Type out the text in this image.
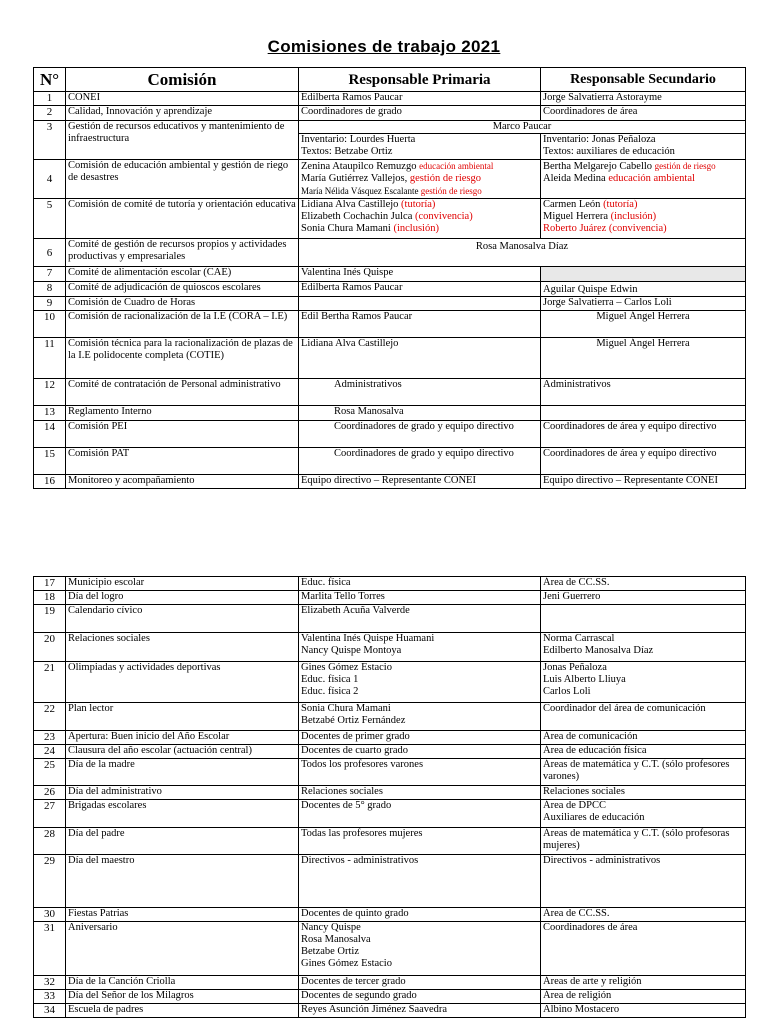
Comisiones de trabajo 2021
N°	Comisión	Responsable Primaria	Responsable Secundario
1	CONEI	Edilberta Ramos Paucar	Jorge Salvatierra Astorayme
2	Calidad, Innovación y aprendizaje	Coordinadores de grado	Coordinadores de área
3	Gestión de recursos educativos y mantenimiento de infraestructura	Marco Paucar	

		Inventario: Lourdes Huerta
Textos: Betzabe Ortiz	Inventario: Jonas Peñaloza
Textos: auxiliares de educación

4	Comisión de educación ambiental y gestión de riego de desastres	Zenina Ataupilco Remuzgo educación ambiental
María Gutiérrez Vallejos, gestión de riesgo
María Nélida Vásquez Escalante gestión de riesgo	Bertha Melgarejo Cabello gestión de riesgo
Aleida Medina educación ambiental

5	Comisión de comité de tutoría y orientación educativa	Lidiana Alva Castillejo (tutoría)
Elizabeth Cochachin Julca (convivencia)
Sonia Chura Mamani (inclusión)	Carmen León (tutoría)
Miguel Herrera (inclusión)
Roberto Juárez (convivencia)

6	Comité de gestión de recursos propios y actividades productivas y empresariales	Rosa Manosalva Díaz	
7	Comité de alimentación escolar (CAE)	Valentina Inés Quispe	
8	Comité de adjudicación de quioscos escolares	Edilberta Ramos Paucar	Aguilar Quispe Edwin
9	Comisión de Cuadro de Horas		Jorge Salvatierra – Carlos Loli
10	Comisión de racionalización de la I.E (CORA – I.E)	Edil Bertha Ramos Paucar	Miguel Ángel Herrera
11	Comisión técnica para la racionalización de plazas de la I.E polidocente completa (COTIE)	Lidiana Alva Castillejo	Miguel Ángel Herrera
12	Comité de contratación de Personal administrativo	Administrativos	Administrativos
13	Reglamento Interno	Rosa Manosalva	
14	Comisión PEI	Coordinadores de grado y equipo directivo	Coordinadores de área y equipo directivo
15	Comisión PAT	Coordinadores de grado y equipo directivo	Coordinadores de área y equipo directivo
16	Monitoreo y acompañamiento	Equipo directivo – Representante CONEI	Equipo directivo – Representante CONEI
17	Municipio escolar	Educ. física	Área de CC.SS.
18	Día del logro	Marlita Tello Torres	Jeni Guerrero
19	Calendario cívico	Elizabeth Acuña Valverde	
20	Relaciones sociales	Valentina Inés Quispe Huamani
Nancy Quispe Montoya	Norma Carrascal
Edilberto Manosalva Díaz

21	Olimpiadas y actividades deportivas	Gines Gómez Estacio
Educ. física 1
Educ. física 2	Jonas Peñaloza
Luis Alberto Lliuya
Carlos Loli

22	Plan lector	Sonia Chura Mamani
Betzabé Ortiz Fernández	Coordinador del área de comunicación
23	Apertura: Buen inicio del Año Escolar	Docentes de primer grado	Área de comunicación
24	Clausura del año escolar (actuación central)	Docentes de cuarto grado	Área de educación física
25	Día de la madre	Todos los profesores varones	Áreas de matemática y C.T. (sólo profesores varones)
26	Día del administrativo	Relaciones sociales	Relaciones sociales
27	Brigadas escolares	Docentes de 5° grado	Área de DPCC
Auxiliares de educación

28	Día del padre	Todas las profesores mujeres	Áreas de matemática y C.T. (sólo profesoras mujeres)
29	Día del maestro	Directivos - administrativos	Directivos - administrativos
30	Fiestas Patrias	Docentes de quinto grado	Área de CC.SS.
31	Aniversario	Nancy Quispe
Rosa Manosalva
Betzabe Ortiz
Gines Gómez Estacio	Coordinadores de área
32	Día de la Canción Criolla	Docentes de tercer grado	Áreas de arte y religión
33	Día del Señor de los Milagros	Docentes de segundo grado	Área de religión
34	Escuela de padres	Reyes Asunción Jiménez Saavedra	Albino Mostacero
